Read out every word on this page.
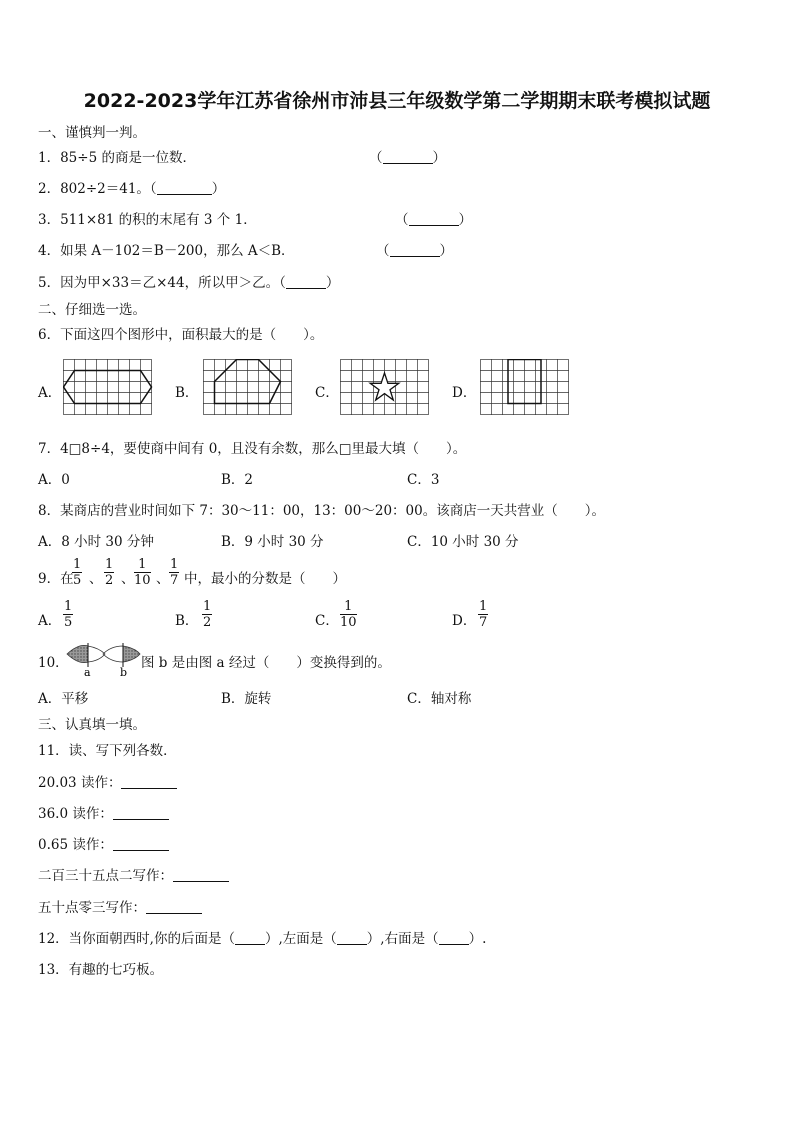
2022-2023学年江苏省徐州市沛县三年级数学第二学期期末联考模拟试题
一、谨慎判一判。
1．85÷5 的商是一位数．	（	）
2．802÷2＝41。（	）
3．511×81 的积的末尾有 3 个 1．	（	）
4．如果 A－102＝B－200，那么 A＜B．	（	）
5．因为甲×33＝乙×44，所以甲＞乙。（	）
二、仔细选一选。
6．下面这四个图形中，面积最大的是（　　）。
A．	B．	C．	D．
7．4□8÷4，要使商中间有 0，且没有余数，那么□里最大填（　　）。
A．0	B．2	C．3
8．某商店的营业时间如下 7：30～11：00，13：00～20：00。该商店一天共营业（　　）。
A．8 小时 30 分钟	B．9 小时 30 分	C．10 小时 30 分
9．在
$\frac{1}{5}$ 、 $\frac{1}{2}$ 、 $\frac{1}{10}$ 、 $\frac{1}{7}$ 中，最小的分数是（　　）
A． $\frac{1}{5}$	B． $\frac{1}{2}$	C． $\frac{1}{10}$	D． $\frac{1}{7}$
10．
a	b
图 b 是由图 a 经过（　　）变换得到的。
A．平移	B．旋转	C．轴对称
三、认真填一填。
11．读、写下列各数．
20.03 读作：
36.0 读作：
0.65 读作：
二百三十五点二写作：
五十点零三写作：
12．当你面朝西时,你的后面是（ ）,左面是（ ）,右面是（ ）.
13．有趣的七巧板。
